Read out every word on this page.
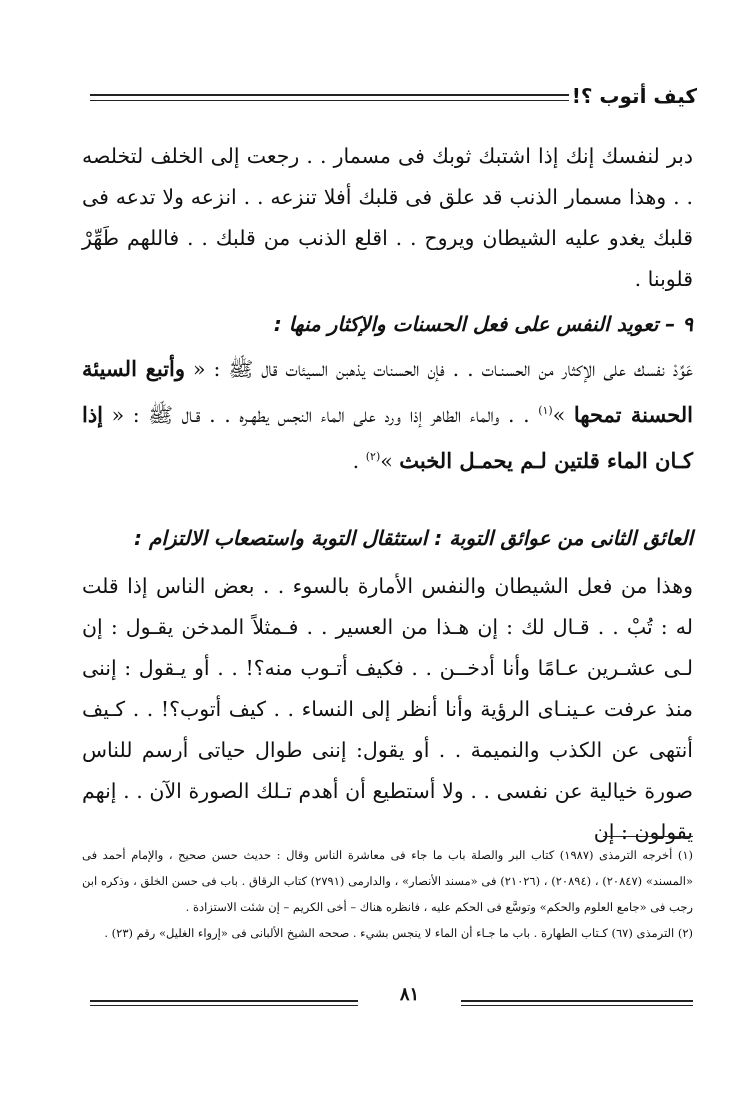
كيف أتوب ؟!

دبر لنفسك إنك إذا اشتبك ثوبك فى مسمار . . رجعت إلى الخلف لتخلصه . . وهذا مسمار الذنب قد علق فى قلبك أفلا تنزعه . . انزعه ولا تدعه فى قلبك يغدو عليه الشيطان ويروح . . اقلع الذنب من قلبك . . فاللهم طَهِّرْ قلوبنا .

٩ – تعويد النفس على فعل الحسنات والإكثار منها :

عَوِّدْ نفسك على الإكثار من الحسنـات . . فإن الحسنات يذهبن السيئات قال ﷺ : « وأتبع السيئة الحسنة تمحها »$^{(١)}$ . . والماء الطاهر إذا ورد على الماء النجس يطهـره . . قـال ﷺ : « إذا كـان الماء قلتين لـم يحمـل الخبث »$^{(٢)}$ .

العائق الثانى من عوائق التوبة : استثقال التوبة واستصعاب الالتزام :

وهذا من فعل الشيطان والنفس الأمارة بالسوء . . بعض الناس إذا قلت له : تُبْ . . قـال لك : إن هـذا من العسير . . فـمثلاً المدخن يقـول : إن لـى عشـرين عـامًا وأنا أدخــن . . فكيف أتـوب منه؟! . . أو يـقول : إننى منذ عرفت عـينـاى الرؤية وأنا أنظر إلى النساء . . كيف أتوب؟! . . كـيف أنتهى عن الكذب والنميمة . . أو يقول: إننى طوال حياتى أرسم للناس صورة خيالية عن نفسى . . ولا أستطيع أن أهدم تـلك الصورة الآن . . إنهم يقولون : إن

(١) أخرجه الترمذى (١٩٨٧) كتاب البر والصلة باب ما جاء فى معاشرة الناس وقال : حديث حسن صحيح ، والإمام أحمد فى «المسند» (٢٠٨٤٧) ، (٢٠٨٩٤) ، (٢١٠٢٦) فى «مسند الأنصار» ، والدارمى (٢٧٩١) كتاب الرقاق . باب فى حسن الخلق ، وذكره ابن رجب فى «جامع العلوم والحكم» وتوسَّع فى الحكم عليه ، فانظره هناك – أخى الكريم – إن شئت الاستزادة .

(٢) الترمذى (٦٧) كـتاب الطهارة . باب ما جـاء أن الماء لا ينجس بشيء . صححه الشيخ الألبانى فى «إرواء الغليل» رقم (٢٣) .

٨١
